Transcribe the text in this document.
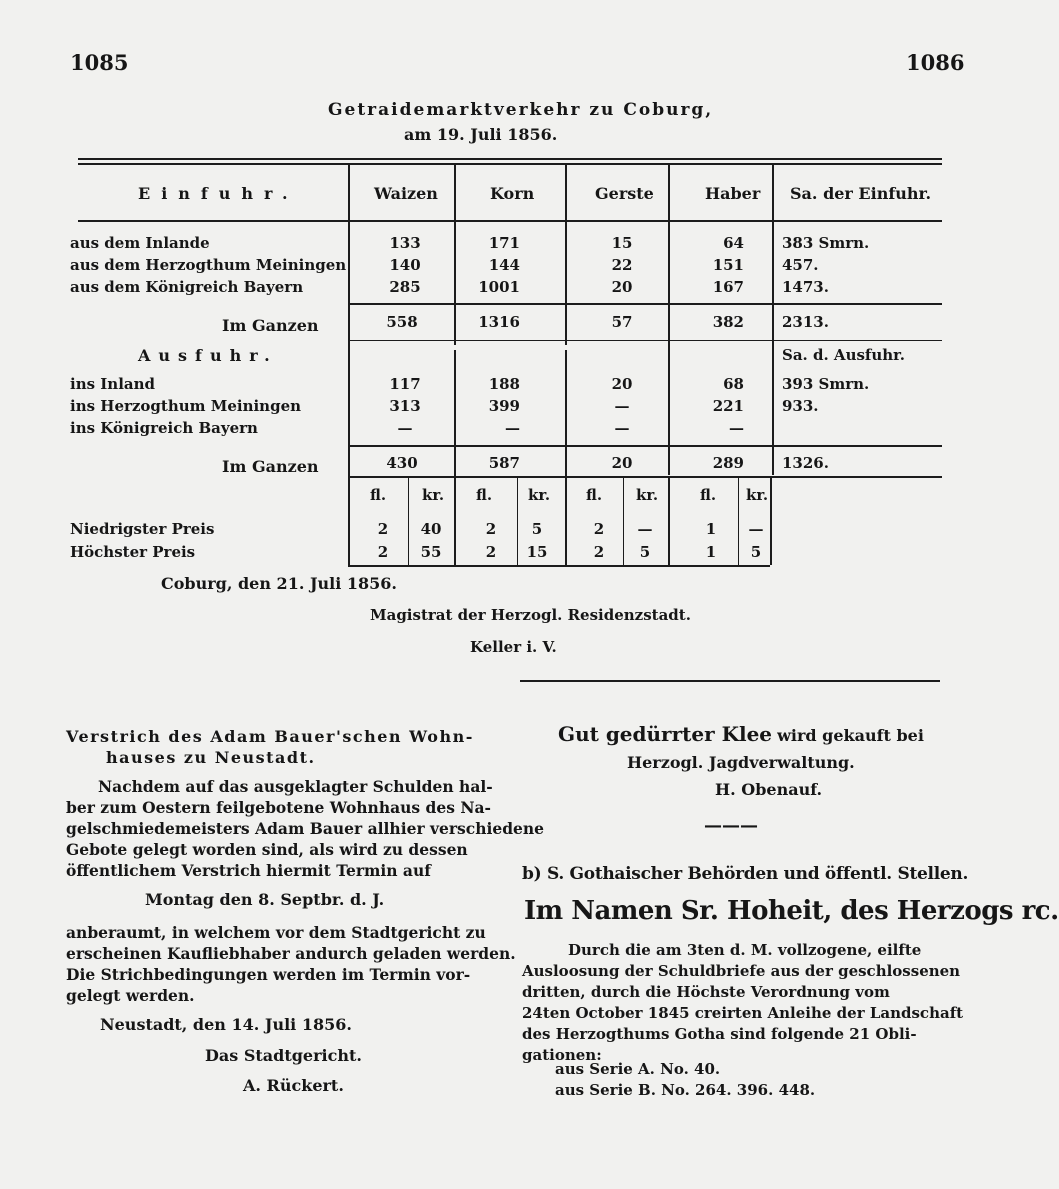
1085	1086
Getraidemarktverkehr zu Coburg,
am 19. Juli 1856.
Einfuhr.	Waizen	Korn	Gerste	Haber Sa. der Einfuhr.
aus dem Inlande	133	171	15	64	383 Smrn.
aus dem Herzogthum Meiningen	140	144	22	151	457.
aus dem Königreich Bayern	285	1001	20	167	1473.
Im Ganzen	558	1316	57	382	2313.
Ausfuhr.	Sa. d. Ausfuhr.
ins Inland	117	188	20	68	393 Smrn.
ins Herzogthum Meiningen	313	399	—	221	933.
ins Königreich Bayern	—	—	—	—
Im Ganzen	430	587	20	289	1326.
fl. kr. fl. kr. fl. kr.	fl. kr.
Niedrigster Preis	2	40	2	5	2	—	1	—
Höchster Preis	2	55	2	15	2	5	1	5
Coburg, den 21. Juli 1856.
Magistrat der Herzogl. Residenzstadt.
Keller i. V.
Verstrich des Adam Bauer'schen Wohn-
hauses zu Neustadt.
Nachdem auf das ausgeklagter Schulden hal-
ber zum Oestern feilgebotene Wohnhaus des Na-
gelschmiedemeisters Adam Bauer allhier verschiedene
Gebote gelegt worden sind, als wird zu dessen
öffentlichem Verstrich hiermit Termin auf
Montag den 8. Septbr. d. J.
anberaumt, in welchem vor dem Stadtgericht zu
erscheinen Kaufliebhaber andurch geladen werden.
Die Strichbedingungen werden im Termin vor-
gelegt werden.
Neustadt, den 14. Juli 1856.
Das Stadtgericht.
A. Rückert.
Gut gedürrter Klee wird gekauft bei
Herzogl. Jagdverwaltung.
H. Obenauf.
———
b) S. Gothaischer Behörden und öffentl. Stellen.
Im Namen Sr. Hoheit, des Herzogs rc.
Durch die am 3ten d. M. vollzogene, eilfte
Ausloosung der Schuldbriefe aus der geschlossenen
dritten, durch die Höchste Verordnung vom
24ten October 1845 creirten Anleihe der Landschaft
des Herzogthums Gotha sind folgende 21 Obli-
gationen:
aus Serie A. No. 40.
aus Serie B. No. 264. 396. 448.
